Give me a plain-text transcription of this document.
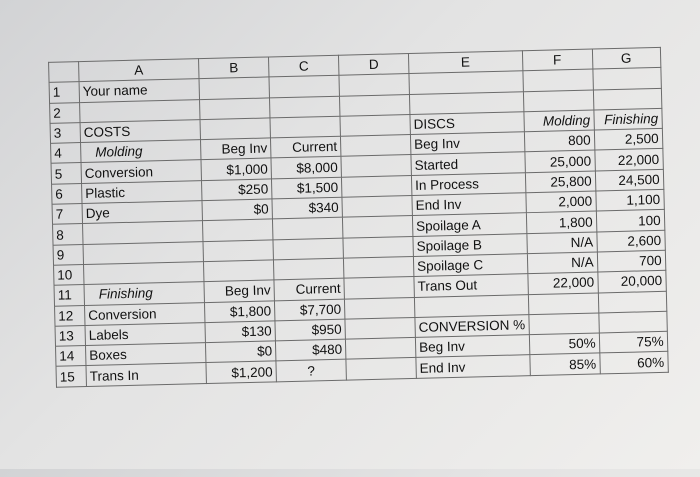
	A	B	C	D	E	F	G
1	Your name						
2							
3	COSTS				DISCS	Molding	Finishing
4	Molding	Beg Inv	Current		Beg Inv	800	2,500
5	Conversion	$1,000	$8,000		Started	25,000	22,000
6	Plastic	$250	$1,500		In Process	25,800	24,500
7	Dye	$0	$340		End Inv	2,000	1,100
8					Spoilage A	1,800	100
9					Spoilage B	N/A	2,600
10					Spoilage C	N/A	700
11	Finishing	Beg Inv	Current		Trans Out	22,000	20,000
12	Conversion	$1,800	$7,700				
13	Labels	$130	$950		CONVERSION %		
14	Boxes	$0	$480		Beg Inv	50%	75%
15	Trans In	$1,200	?		End Inv	85%	60%
